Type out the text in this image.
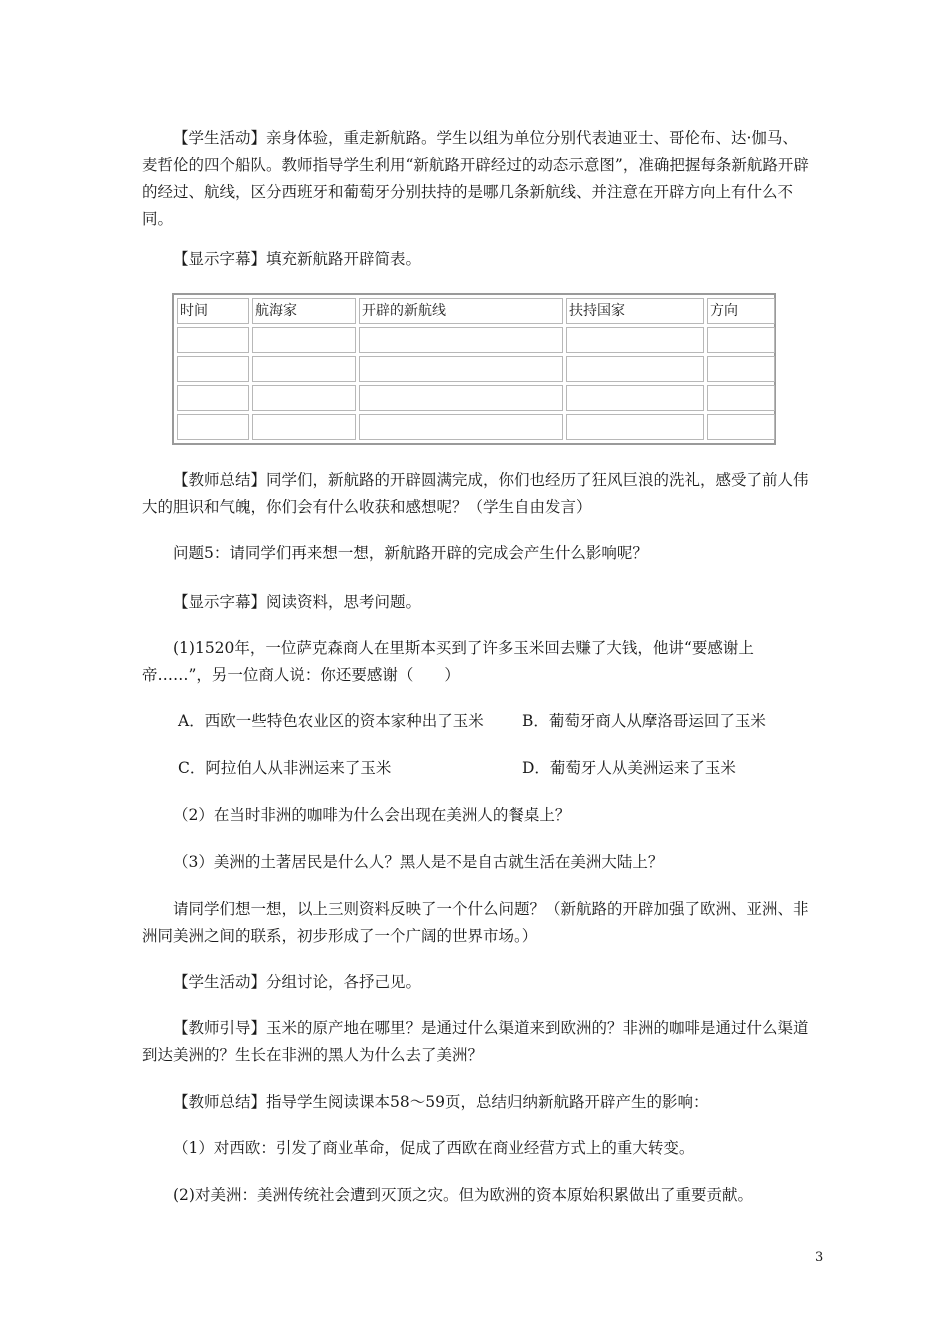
【学生活动】亲身体验，重走新航路。学生以组为单位分别代表迪亚士、哥伦布、达·伽马、麦哲伦的四个船队。教师指导学生利用“新航路开辟经过的动态示意图”，准确把握每条新航路开辟的经过、航线，区分西班牙和葡萄牙分别扶持的是哪几条新航线、并注意在开辟方向上有什么不同。

【显示字幕】填充新航路开辟简表。

时间	航海家	开辟的新航线	扶持国家	方向

【教师总结】同学们，新航路的开辟圆满完成，你们也经历了狂风巨浪的洗礼，感受了前人伟大的胆识和气魄，你们会有什么收获和感想呢？（学生自由发言）

问题5：请同学们再来想一想，新航路开辟的完成会产生什么影响呢？

【显示字幕】阅读资料，思考问题。

(1)1520年，一位萨克森商人在里斯本买到了许多玉米回去赚了大钱，他讲“要感谢上帝……”，另一位商人说：你还要感谢（　　）

A．西欧一些特色农业区的资本家种出了玉米 B．葡萄牙商人从摩洛哥运回了玉米
C．阿拉伯人从非洲运来了玉米	D．葡萄牙人从美洲运来了玉米

（2）在当时非洲的咖啡为什么会出现在美洲人的餐桌上？

（3）美洲的土著居民是什么人？黑人是不是自古就生活在美洲大陆上？

请同学们想一想，以上三则资料反映了一个什么问题？（新航路的开辟加强了欧洲、亚洲、非洲同美洲之间的联系，初步形成了一个广阔的世界市场。）

【学生活动】分组讨论，各抒己见。

【教师引导】玉米的原产地在哪里？是通过什么渠道来到欧洲的？非洲的咖啡是通过什么渠道到达美洲的？生长在非洲的黑人为什么去了美洲？

【教师总结】指导学生阅读课本58～59页，总结归纳新航路开辟产生的影响：

（1）对西欧：引发了商业革命，促成了西欧在商业经营方式上的重大转变。

(2)对美洲：美洲传统社会遭到灭顶之灾。但为欧洲的资本原始积累做出了重要贡献。

3
